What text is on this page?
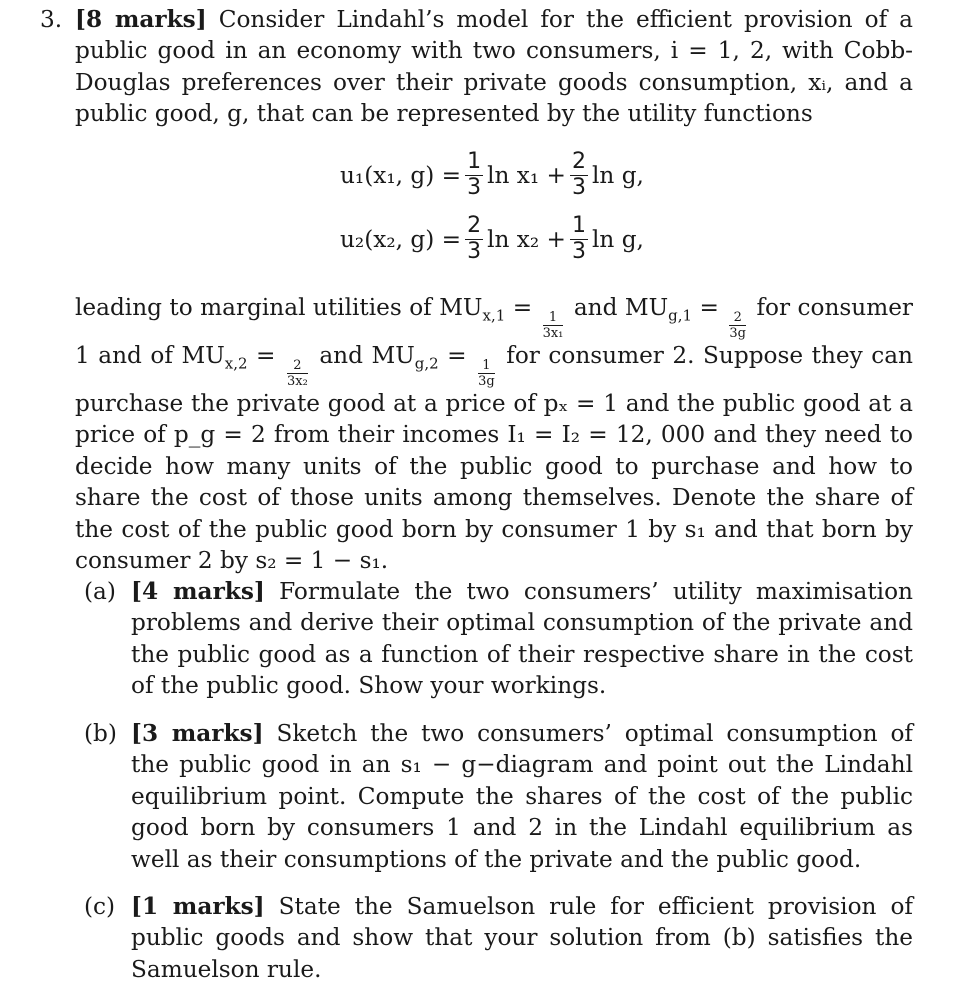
3. [8 marks] Consider Lindahl’s model for the efficient provision of a public good in an economy with two consumers, i = 1, 2, with Cobb-Douglas preferences over their private goods consumption, xᵢ, and a public good, g, that can be represented by the utility functions
u₁(x₁, $g) = \frac{1}{3}$ $\ln x_1 + \frac{2}{3}$ ln g,
u₂(x₂, $g) = \frac{2}{3}$ $\ln x_2 + \frac{1}{3}$ ln g,
leading to marginal utilities of $MU_{x,1}$ =
$\frac{1}{\text{3x₁}}$
and $MU_{g,1}$ =
$\frac{2}{3g}$
for consumer 1 and of $MU_{x,2}$ =
$\frac{2}{\text{3x₂}}$
and $MU_{g,2}$ =
$\frac{1}{3g}$
for consumer 2. Suppose they can purchase the private good at a price of pₓ = 1 and the public good at a price of p_g = 2 from their incomes I₁ = I₂ = 12, 000 and they need to decide how many units of the public good to purchase and how to share the cost of those units among themselves. Denote the share of the cost of the public good born by consumer 1 by s₁ and that born by consumer 2 by s₂ = 1 − s₁.
(a) [4 marks] Formulate the two consumers’ utility maximisation problems and derive their optimal consumption of the private and the public good as a function of their respective share in the cost of the public good. Show your workings.
(b) [3 marks] Sketch the two consumers’ optimal consumption of the public good in an s₁ − g−diagram and point out the Lindahl equilibrium point. Compute the shares of the cost of the public good born by consumers 1 and 2 in the Lindahl equilibrium as well as their consumptions of the private and the public good.
(c) [1 marks] State the Samuelson rule for efficient provision of public goods and show that your solution from (b) satisfies the Samuelson rule.
